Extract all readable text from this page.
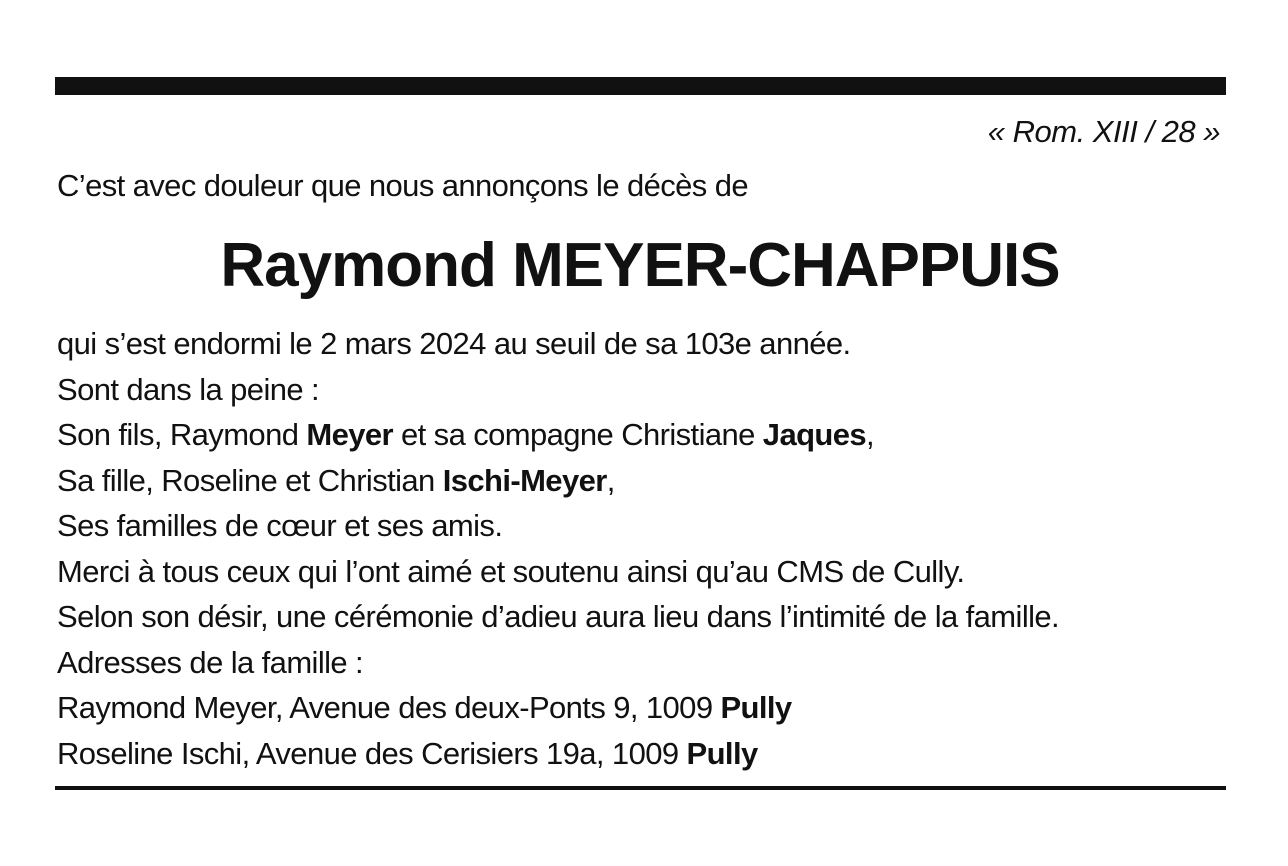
« Rom. XIII / 28 »
C’est avec douleur que nous annonçons le décès de
Raymond MEYER-CHAPPUIS
qui s’est endormi le 2 mars 2024 au seuil de sa 103e année.
Sont dans la peine :
Son fils, Raymond Meyer et sa compagne Christiane Jaques,
Sa fille, Roseline et Christian Ischi-Meyer,
Ses familles de cœur et ses amis.
Merci à tous ceux qui l’ont aimé et soutenu ainsi qu’au CMS de Cully.
Selon son désir, une cérémonie d’adieu aura lieu dans l’intimité de la famille.
Adresses de la famille :
Raymond Meyer, Avenue des deux-Ponts 9, 1009 Pully
Roseline Ischi, Avenue des Cerisiers 19a, 1009 Pully
